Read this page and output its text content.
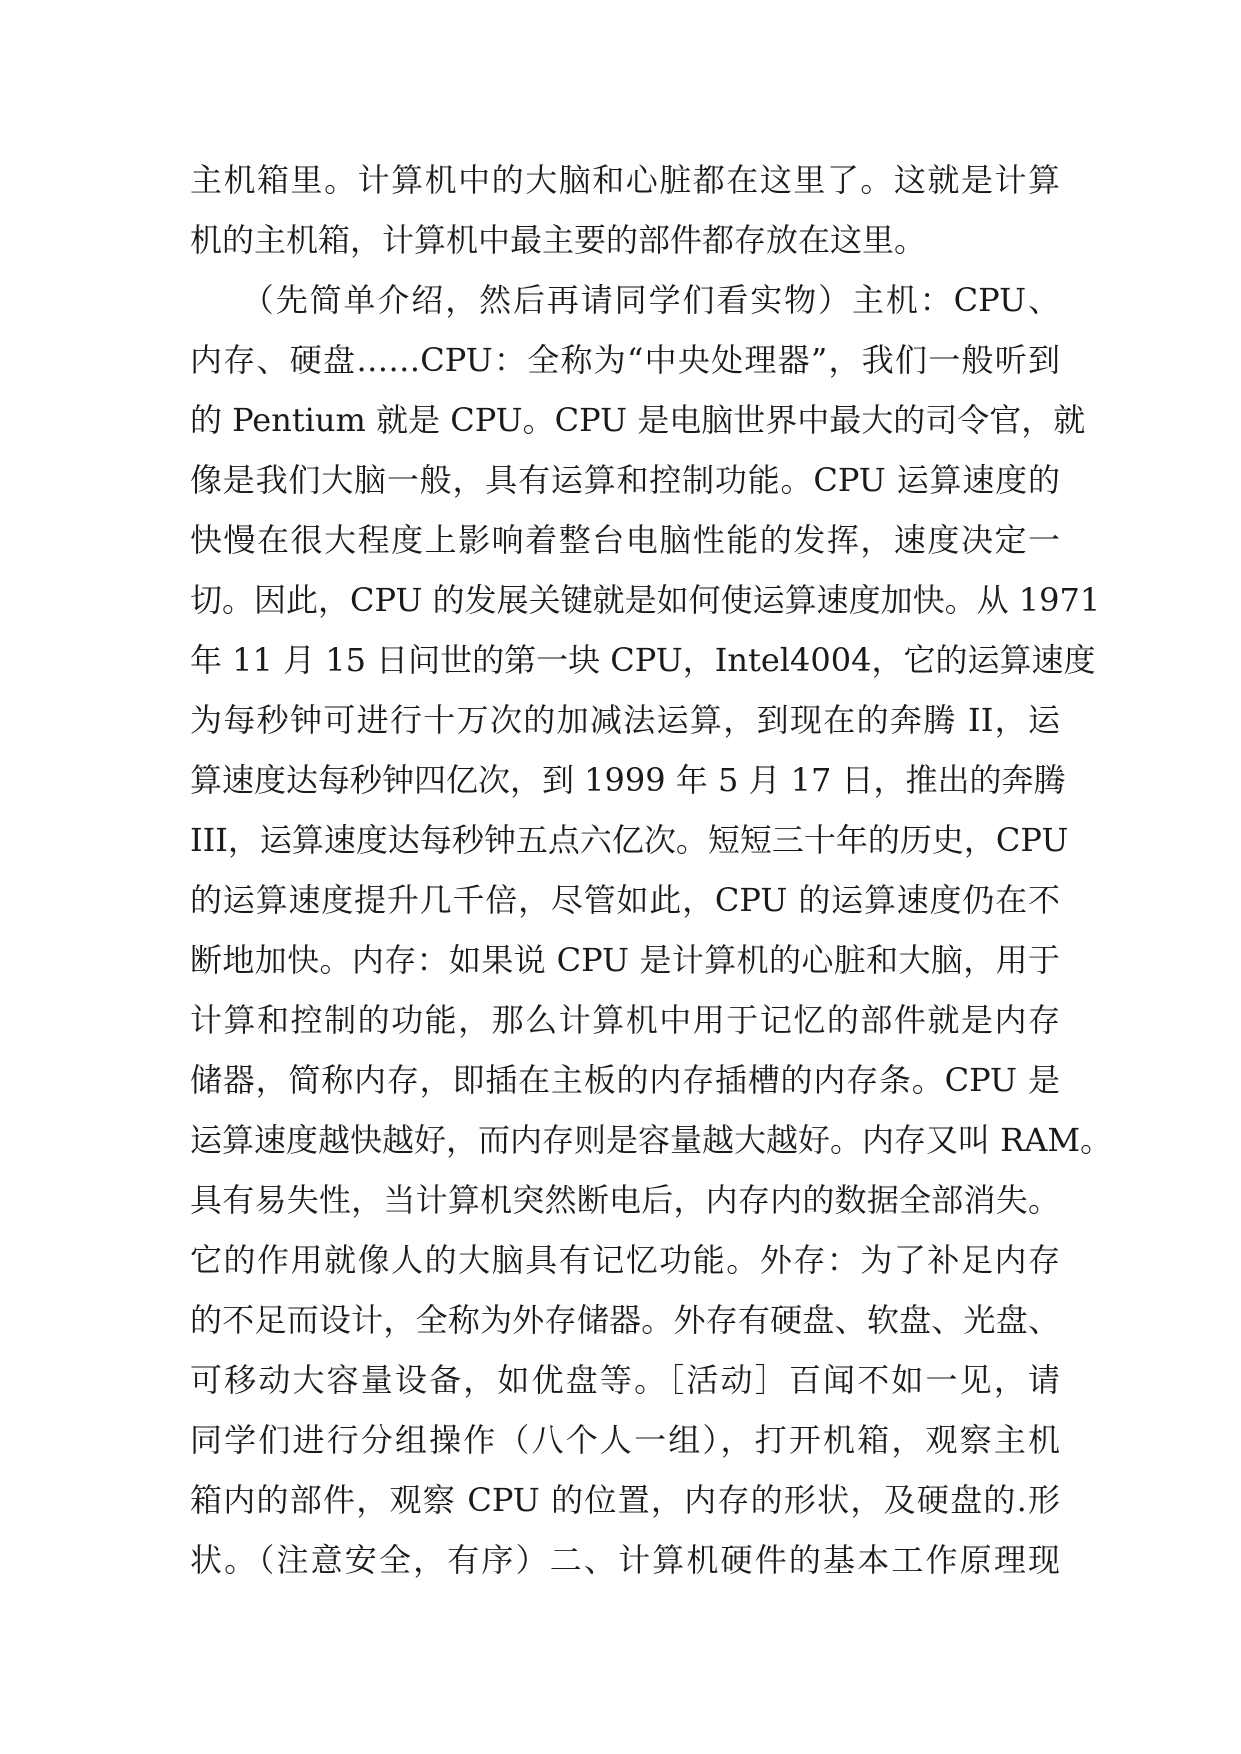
主机箱里。计算机中的大脑和心脏都在这里了。这就是计算
机的主机箱，计算机中最主要的部件都存放在这里。
　　（先简单介绍，然后再请同学们看实物）主机：CPU、
内存、硬盘……CPU：全称为“中央处理器”，我们一般听到
的 Pentium 就是 CPU。CPU 是电脑世界中最大的司令官，就
像是我们大脑一般，具有运算和控制功能。CPU 运算速度的
快慢在很大程度上影响着整台电脑性能的发挥，速度决定一
切。因此，CPU 的发展关键就是如何使运算速度加快。从 1971
年 11 月 15 日问世的第一块 CPU，Intel4004，它的运算速度
为每秒钟可进行十万次的加减法运算，到现在的奔腾 II，运
算速度达每秒钟四亿次，到 1999 年 5 月 17 日，推出的奔腾
III，运算速度达每秒钟五点六亿次。短短三十年的历史，CPU
的运算速度提升几千倍，尽管如此，CPU 的运算速度仍在不
断地加快。内存：如果说 CPU 是计算机的心脏和大脑，用于
计算和控制的功能，那么计算机中用于记忆的部件就是内存
储器，简称内存，即插在主板的内存插槽的内存条。CPU 是
运算速度越快越好，而内存则是容量越大越好。内存又叫 RAM。
具有易失性，当计算机突然断电后，内存内的数据全部消失。
它的作用就像人的大脑具有记忆功能。外存：为了补足内存
的不足而设计，全称为外存储器。外存有硬盘、软盘、光盘、
可移动大容量设备，如优盘等。［活动］百闻不如一见，请
同学们进行分组操作（八个人一组），打开机箱，观察主机
箱内的部件，观察 CPU 的位置，内存的形状，及硬盘的.形
状。（注意安全，有序）二、计算机硬件的基本工作原理现
